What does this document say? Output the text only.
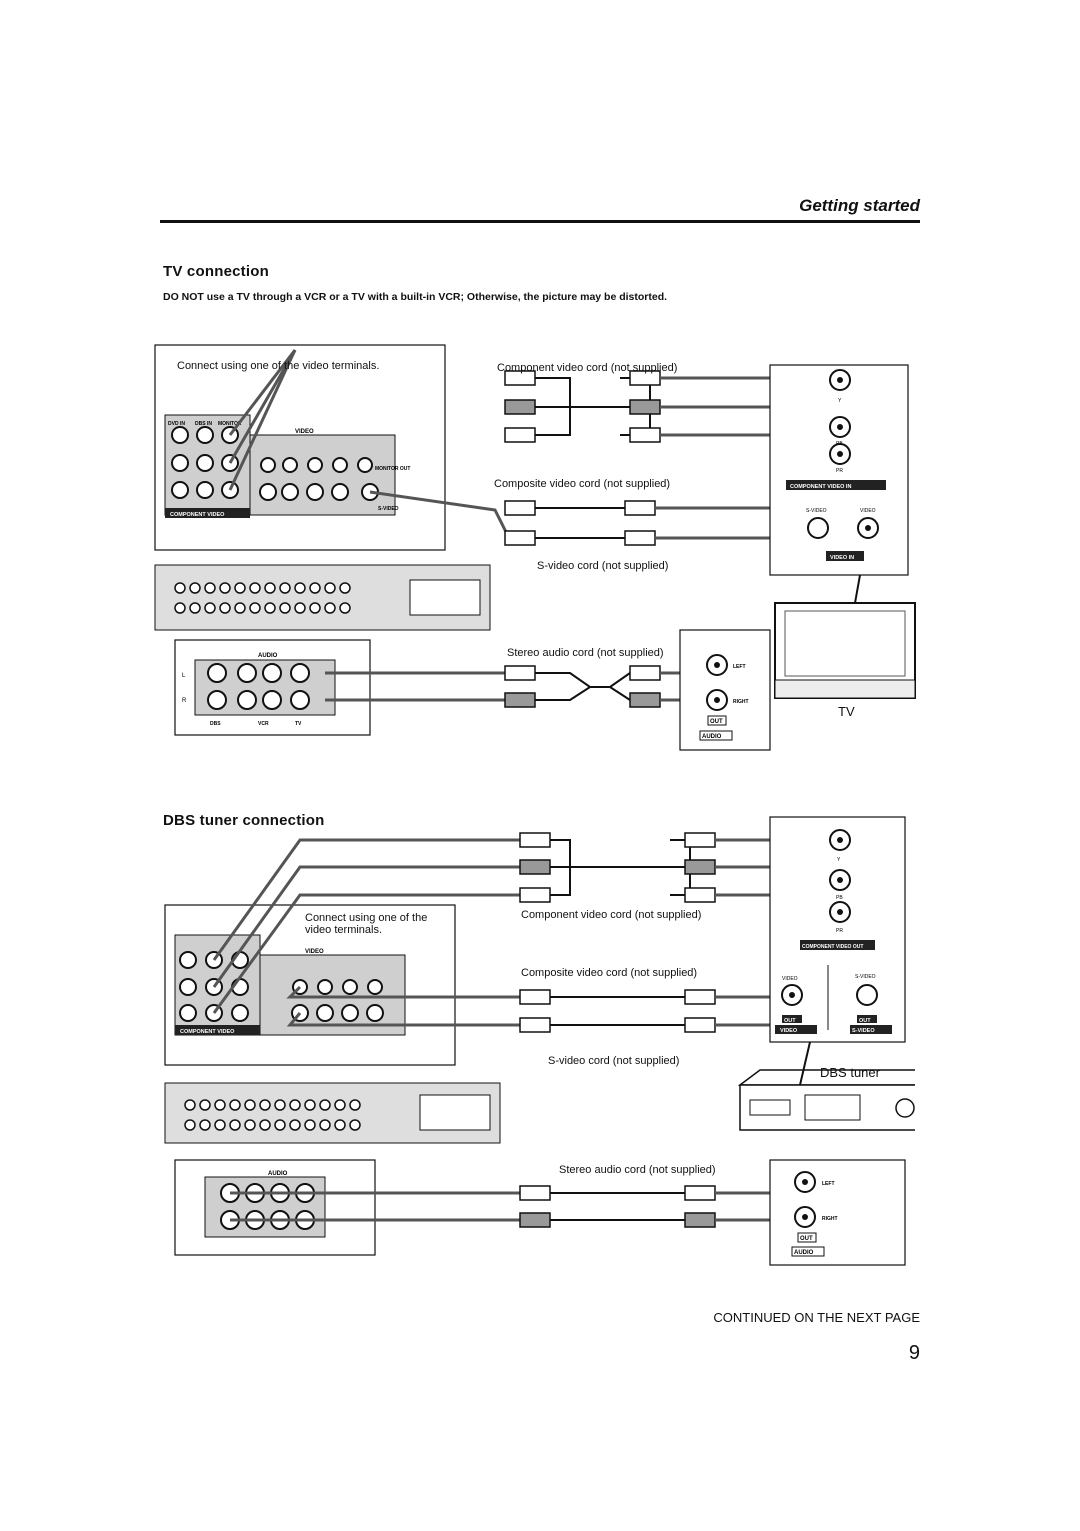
Getting started
TV connection
DO NOT use a TV through a VCR or a TV with a built-in VCR; Otherwise, the picture may be distorted.
DVD IN DBS IN MONITOR
VIDEO
MONITOR OUT
S-VIDEO
COMPONENT VIDEO
AUDIO
L
R
DBS	VCR	TV
Y
PB
PR
COMPONENT VIDEO IN
S-VIDEO	VIDEO
VIDEO IN
LEFT
RIGHT
OUT
AUDIO
Connect using one of the video terminals.	Component video cord (not supplied)
Composite video cord (not supplied)
S-video cord (not supplied)
Stereo audio cord (not supplied)
TV
DBS tuner connection
VIDEO
COMPONENT VIDEO
AUDIO
Y
PB
PR
COMPONENT VIDEO OUT
VIDEO	S-VIDEO
OUT	OUT
VIDEO	S-VIDEO
LEFT
RIGHT
OUT
AUDIO
Connect using one of the video terminals.
Component video cord (not supplied)
Composite video cord (not supplied)
S-video cord (not supplied)
Stereo audio cord (not supplied)
DBS tuner
CONTINUED ON THE NEXT PAGE
9
